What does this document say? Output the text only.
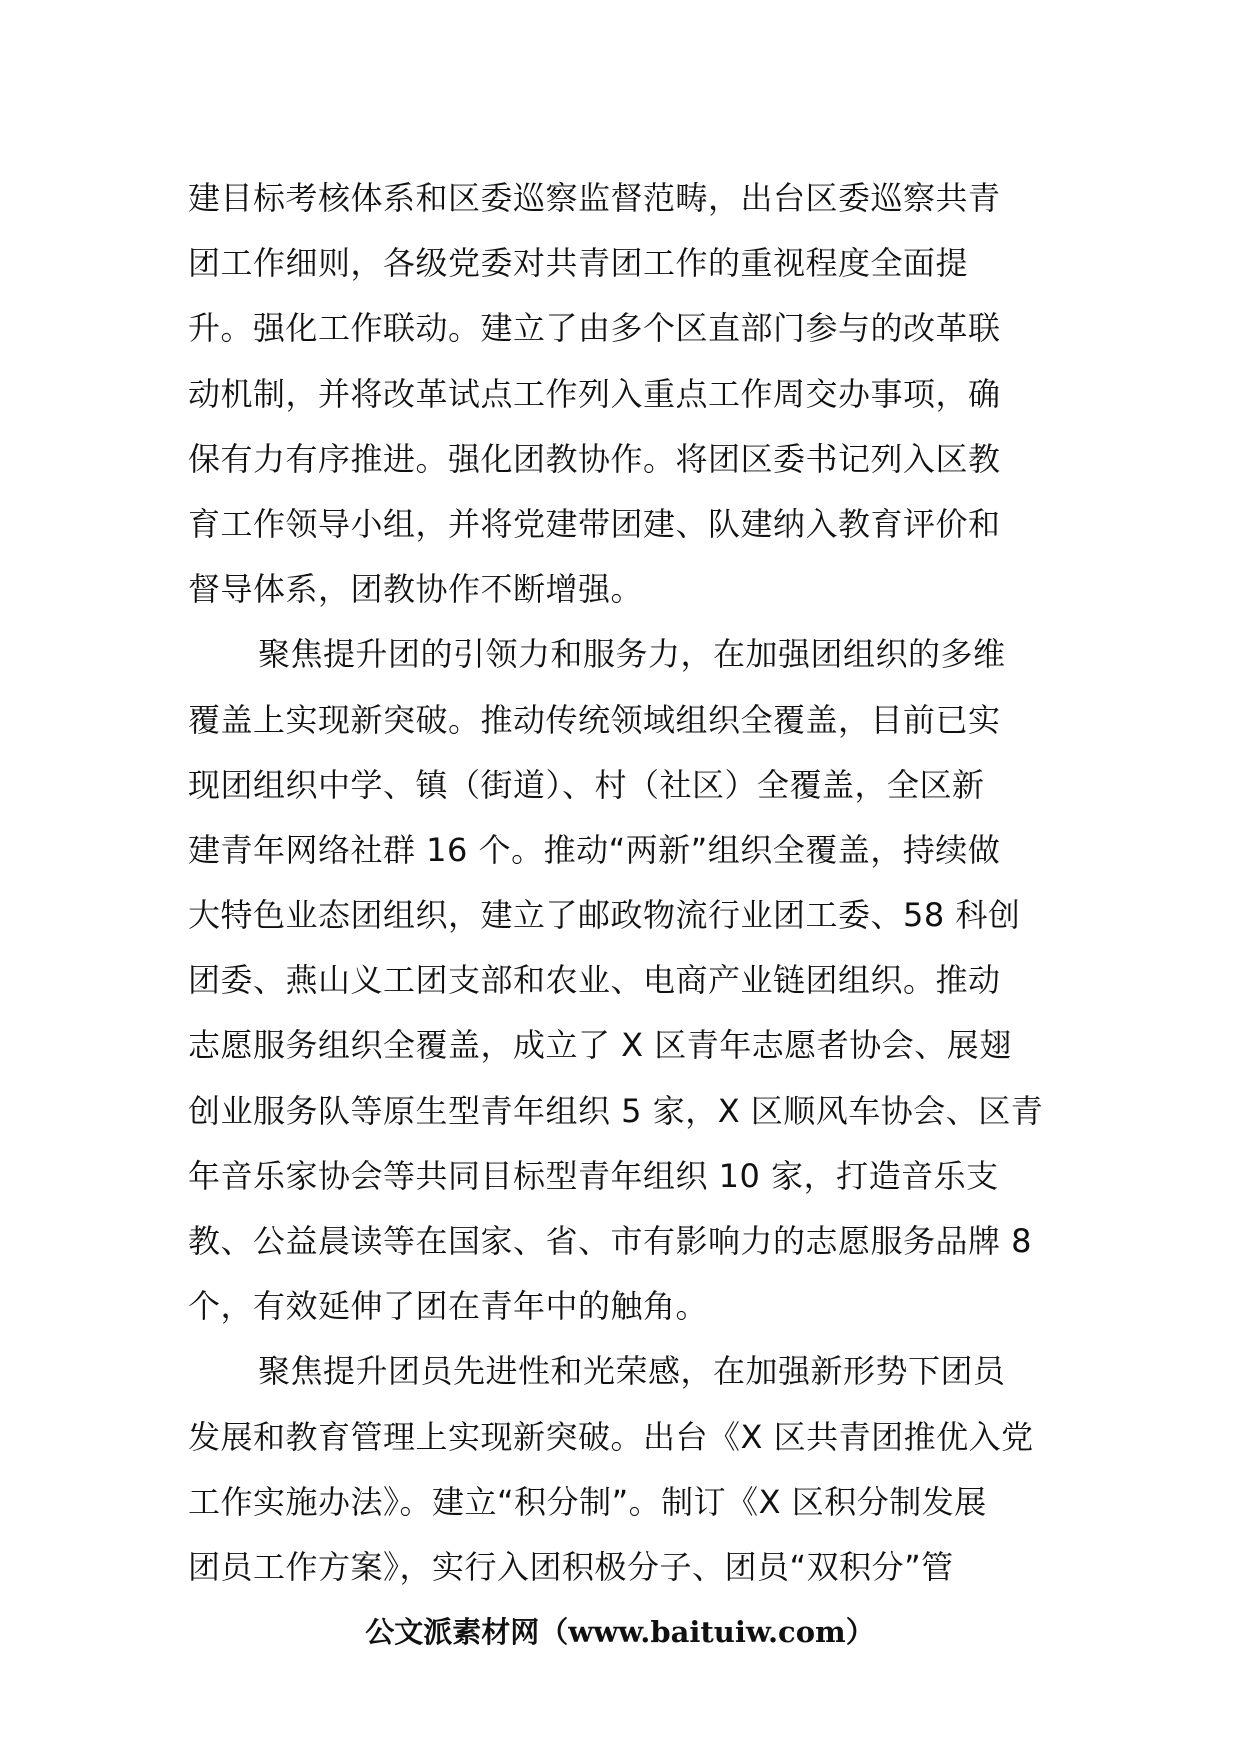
建目标考核体系和区委巡察监督范畴，出台区委巡察共青
团工作细则，各级党委对共青团工作的重视程度全面提
升。强化工作联动。建立了由多个区直部门参与的改革联
动机制，并将改革试点工作列入重点工作周交办事项，确
保有力有序推进。强化团教协作。将团区委书记列入区教
育工作领导小组，并将党建带团建、队建纳入教育评价和
督导体系，团教协作不断增强。
聚焦提升团的引领力和服务力，在加强团组织的多维
覆盖上实现新突破。推动传统领域组织全覆盖，目前已实
现团组织中学、镇（街道）、村（社区）全覆盖，全区新
建青年网络社群 16 个。推动“两新”组织全覆盖，持续做
大特色业态团组织，建立了邮政物流行业团工委、58 科创
团委、燕山义工团支部和农业、电商产业链团组织。推动
志愿服务组织全覆盖，成立了 X 区青年志愿者协会、展翅
创业服务队等原生型青年组织 5 家，X 区顺风车协会、区青
年音乐家协会等共同目标型青年组织 10 家，打造音乐支
教、公益晨读等在国家、省、市有影响力的志愿服务品牌 8
个，有效延伸了团在青年中的触角。
聚焦提升团员先进性和光荣感，在加强新形势下团员
发展和教育管理上实现新突破。出台《X 区共青团推优入党
工作实施办法》。建立“积分制”。制订《X 区积分制发展
团员工作方案》，实行入团积极分子、团员“双积分”管
公文派素材网（www.baituiw.com）
